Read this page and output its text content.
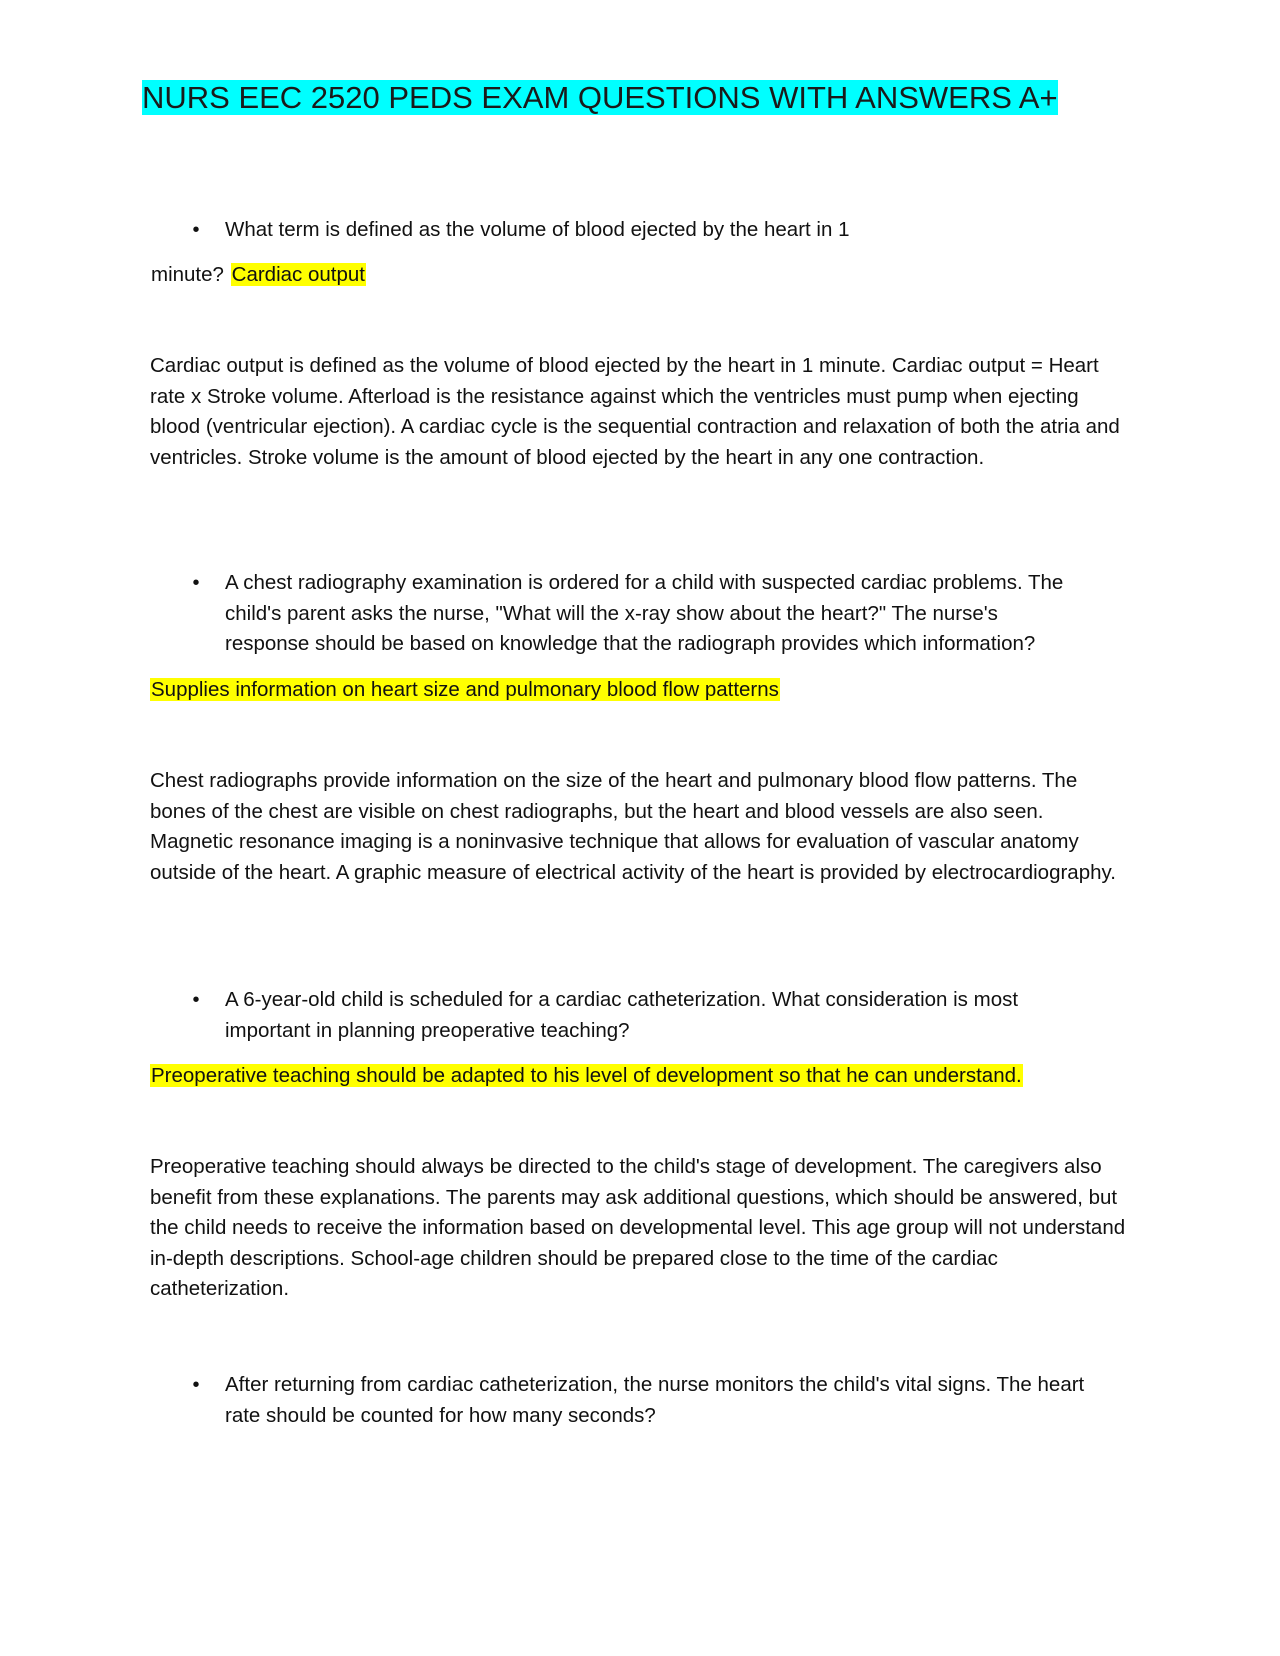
NURS EEC 2520 PEDS EXAM QUESTIONS WITH ANSWERS A+
•	What term is defined as the volume of blood ejected by the heart in 1
minute? Cardiac output

Cardiac output is defined as the volume of blood ejected by the heart in 1 minute. Cardiac output = Heart rate x Stroke volume. Afterload is the resistance against which the ventricles must pump when ejecting blood (ventricular ejection). A cardiac cycle is the sequential contraction and relaxation of both the atria and ventricles. Stroke volume is the amount of blood ejected by the heart in any one contraction.

•	A chest radiography examination is ordered for a child with suspected cardiac problems. The child's parent asks the nurse, "What will the x-ray show about the heart?" The nurse's response should be based on knowledge that the radiograph provides which information?
Supplies information on heart size and pulmonary blood flow patterns

Chest radiographs provide information on the size of the heart and pulmonary blood flow patterns. The bones of the chest are visible on chest radiographs, but the heart and blood vessels are also seen. Magnetic resonance imaging is a noninvasive technique that allows for evaluation of vascular anatomy outside of the heart. A graphic measure of electrical activity of the heart is provided by electrocardiography.

•	A 6-year-old child is scheduled for a cardiac catheterization. What consideration is most important in planning preoperative teaching?
Preoperative teaching should be adapted to his level of development so that he can understand.

Preoperative teaching should always be directed to the child's stage of development. The caregivers also benefit from these explanations. The parents may ask additional questions, which should be answered, but the child needs to receive the information based on developmental level. This age group will not understand in-depth descriptions. School-age children should be prepared close to the time of the cardiac catheterization.

•	After returning from cardiac catheterization, the nurse monitors the child's vital signs. The heart rate should be counted for how many seconds?
